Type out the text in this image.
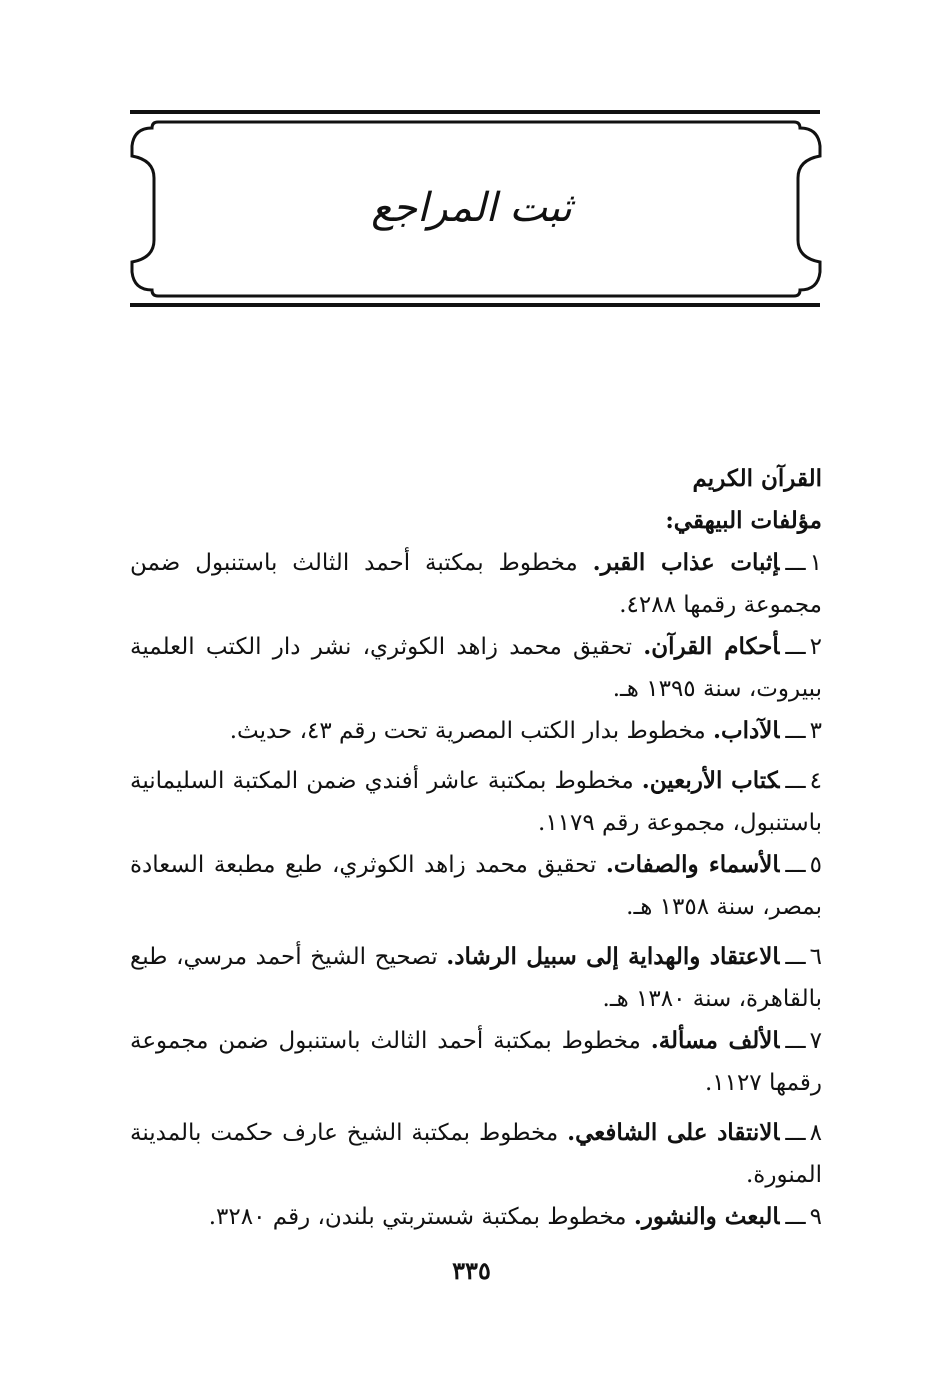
ثبت المراجع

القرآن الكريم

مؤلفات البيهقي:

١ـــإثبات عذاب القبر. مخطوط بمكتبة أحمد الثالث باستنبول ضمن مجموعة رقمها ٤٢٨٨.
٢ـــأحكام القرآن. تحقيق محمد زاهد الكوثري، نشر دار الكتب العلمية ببيروت، سنة ١٣٩٥ هـ.
٣ـــالآداب. مخطوط بدار الكتب المصرية تحت رقم ٤٣، حديث.
٤ـــكتاب الأربعين. مخطوط بمكتبة عاشر أفندي ضمن المكتبة السليمانية باستنبول، مجموعة رقم ١١٧٩.
٥ـــالأسماء والصفات. تحقيق محمد زاهد الكوثري، طبع مطبعة السعادة بمصر، سنة ١٣٥٨ هـ.
٦ـــالاعتقاد والهداية إلى سبيل الرشاد. تصحيح الشيخ أحمد مرسي، طبع بالقاهرة، سنة ١٣٨٠ هـ.
٧ـــالألف مسألة. مخطوط بمكتبة أحمد الثالث باستنبول ضمن مجموعة رقمها ١١٢٧.
٨ـــالانتقاد على الشافعي. مخطوط بمكتبة الشيخ عارف حكمت بالمدينة المنورة.
٩ـــالبعث والنشور. مخطوط بمكتبة شستربتي بلندن، رقم ٣٢٨٠.
٣٣٥
